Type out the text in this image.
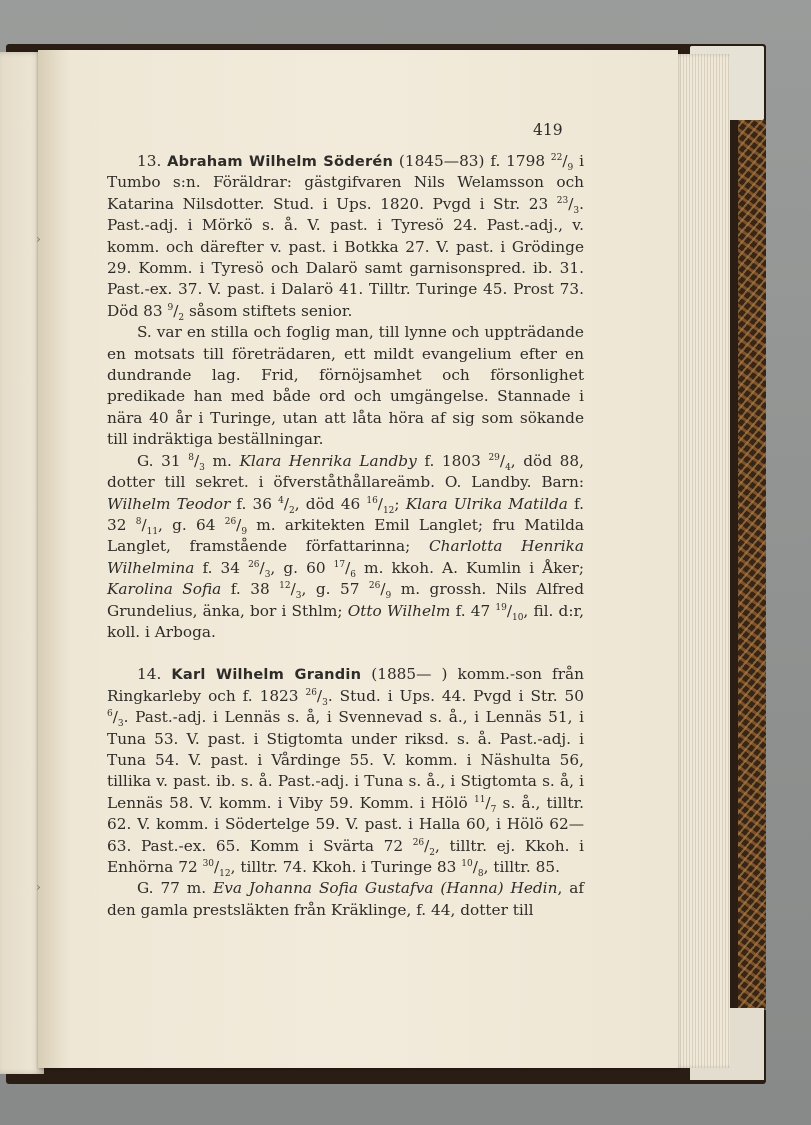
419
›
›

13. Abraham Wilhelm Söderén (1845—83) f. 1798 $^{22}/_9$ i Tumbo s:n. Föräldrar: gästgifvaren Nils Welamsson och Katarina Nilsdotter. Stud. i Ups. 1820. Pvgd i Str. 23 $^{23}/_3$. Past.-adj. i Mörkö s. å. V. past. i Tyresö 24. Past.-adj., v. komm. och därefter v. past. i Botkka 27. V. past. i Grödinge 29. Komm. i Tyresö och Dalarö samt garnisonspred. ib. 31. Past.-ex. 37. V. past. i Dalarö 41. Tilltr. Turinge 45. Prost 73. Död 83 $^9/_2$ såsom stiftets senior.

S. var en stilla och foglig man, till lynne och uppträdande en motsats till företrädaren, ett mildt evangelium efter en dundrande lag. Frid, förnöjsamhet och försonlighet predikade han med både ord och umgängelse. Stannade i nära 40 år i Turinge, utan att låta höra af sig som sökande till indräktiga beställningar.

G. 31 $^8/_3$ m. Klara Henrika Landby f. 1803 $^{29}/_4$, död 88, dotter till sekret. i öfverståthållareämb. O. Landby. Barn: Wilhelm Teodor f. 36 $^4/_2$, död 46 $^{16}/_{12}$; Klara Ulrika Matilda f. 32 $^8/_{11}$, g. 64 $^{26}/_9$ m. arkitekten Emil Langlet; fru Matilda Langlet, framstående författarinna; Charlotta Henrika Wilhelmina f. 34 $^{26}/_3$, g. 60 $^{17}/_6$ m. kkoh. A. Kumlin i Åker; Karolina Sofia f. 38 $^{12}/_3$, g. 57 $^{26}/_9$ m. grossh. Nils Alfred Grundelius, änka, bor i Sthlm; Otto Wilhelm f. 47 $^{19}/_{10}$, fil. d:r, koll. i Arboga.

14. Karl Wilhelm Grandin (1885— ) komm.-son från Ringkarleby och f. 1823 $^{26}/_3$. Stud. i Ups. 44. Pvgd i Str. 50 $^6/_3$. Past.-adj. i Lennäs s. å, i Svennevad s. å., i Lennäs 51, i Tuna 53. V. past. i Stigtomta under riksd. s. å. Past.-adj. i Tuna 54. V. past. i Vårdinge 55. V. komm. i Näshulta 56, tillika v. past. ib. s. å. Past.-adj. i Tuna s. å., i Stigtomta s. å, i Lennäs 58. V. komm. i Viby 59. Komm. i Hölö $^{11}/_7$ s. å., tilltr. 62. V. komm. i Södertelge 59. V. past. i Halla 60, i Hölö 62—63. Past.-ex. 65. Komm i Svärta 72 $^{26}/_2$, tilltr. ej. Kkoh. i Enhörna 72 $^{30}/_{12}$, tilltr. 74. Kkoh. i Turinge 83 $^{10}/_8$, tilltr. 85.

G. 77 m. Eva Johanna Sofia Gustafva (Hanna) Hedin, af den gamla prestsläkten från Kräklinge, f. 44, dotter till
